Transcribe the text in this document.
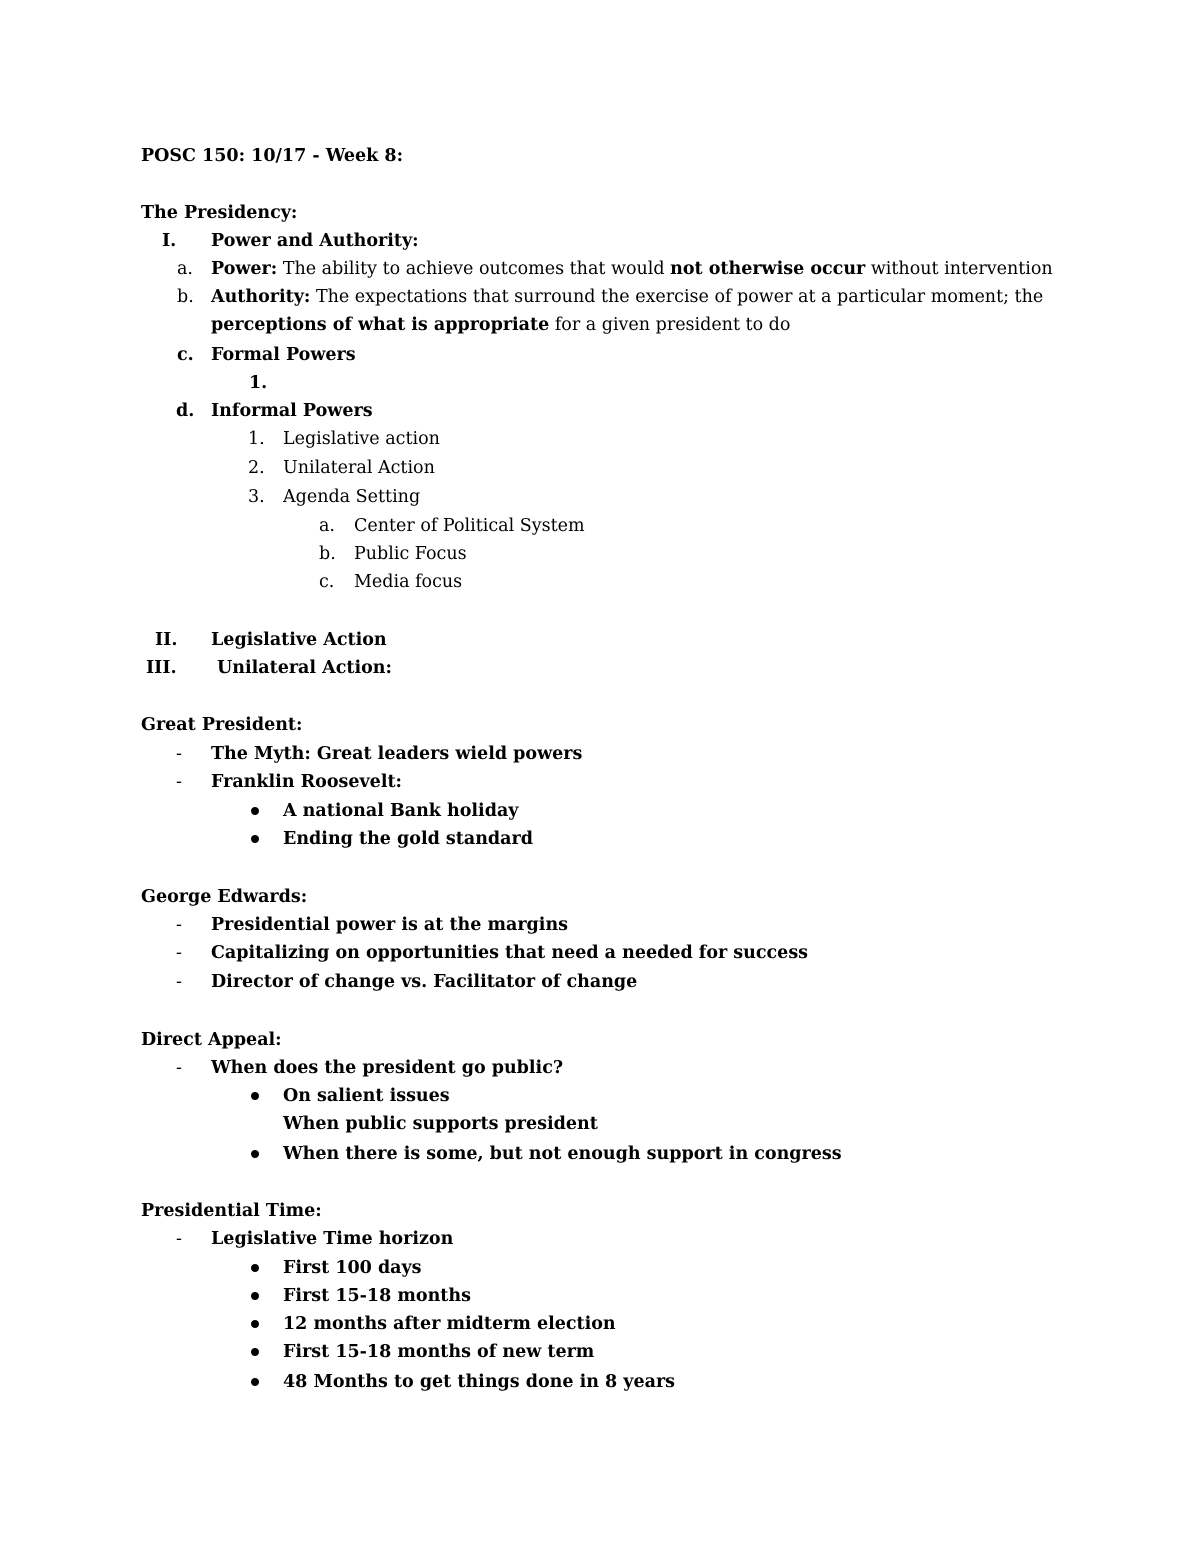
POSC 150: 10/17 - Week 8:
The Presidency:
I. Power and Authority:
a. Power: The ability to achieve outcomes that would not otherwise occur without intervention
b. Authority: The expectations that surround the exercise of power at a particular moment; the
perceptions of what is appropriate for a given president to do
c. Formal Powers
1.
d. Informal Powers
1. Legislative action
2. Unilateral Action
3. Agenda Setting
a. Center of Political System
b. Public Focus
c. Media focus
II. Legislative Action
III. Unilateral Action:
Great President:
- The Myth: Great leaders wield powers
- Franklin Roosevelt:
A national Bank holiday
Ending the gold standard
George Edwards:
- Presidential power is at the margins
- Capitalizing on opportunities that need a needed for success
- Director of change vs. Facilitator of change
Direct Appeal:
- When does the president go public?
On salient issues
When public supports president
When there is some, but not enough support in congress
Presidential Time:
- Legislative Time horizon
First 100 days
First 15-18 months
12 months after midterm election
First 15-18 months of new term
48 Months to get things done in 8 years
